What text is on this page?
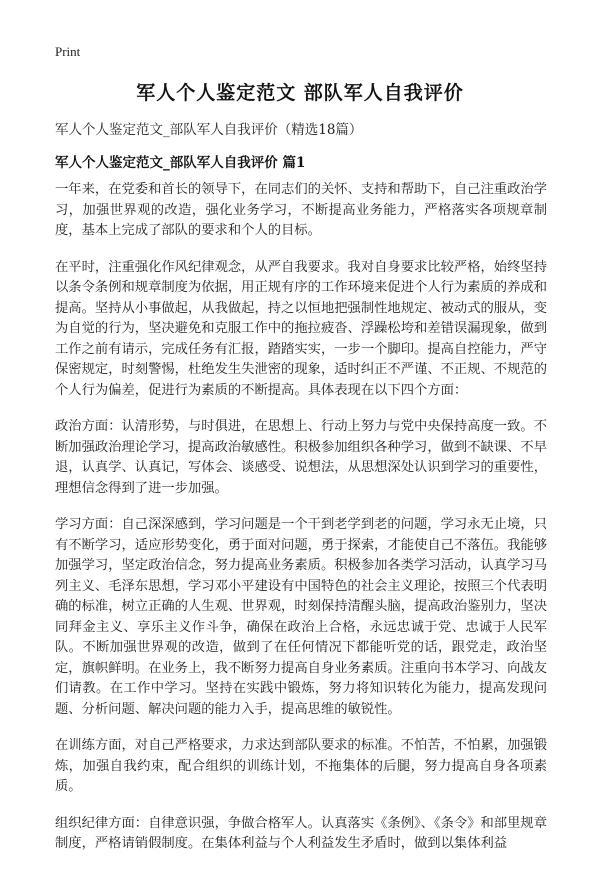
Print
军人个人鉴定范文 部队军人自我评价
军人个人鉴定范文_部队军人自我评价（精选18篇）
军人个人鉴定范文_部队军人自我评价 篇1

一年来，在党委和首长的领导下，在同志们的关怀、支持和帮助下，自己注重政治学习，加强世界观的改造，强化业务学习，不断提高业务能力，严格落实各项规章制度，基本上完成了部队的要求和个人的目标。

在平时，注重强化作风纪律观念，从严自我要求。我对自身要求比较严格，始终坚持以条令条例和规章制度为依据，用正规有序的工作环境来促进个人行为素质的养成和提高。坚持从小事做起，从我做起，持之以恒地把强制性地规定、被动式的服从，变为自觉的行为，坚决避免和克服工作中的拖拉疲沓、浮躁松垮和差错误漏现象，做到工作之前有请示，完成任务有汇报，踏踏实实，一步一个脚印。提高自控能力，严守保密规定，时刻警惕，杜绝发生失泄密的现象，适时纠正不严谨、不正规、不规范的个人行为偏差，促进行为素质的不断提高。具体表现在以下四个方面：

政治方面：认清形势，与时俱进，在思想上、行动上努力与党中央保持高度一致。不断加强政治理论学习，提高政治敏感性。积极参加组织各种学习，做到不缺课、不早退，认真学、认真记，写体会、谈感受、说想法，从思想深处认识到学习的重要性，理想信念得到了进一步加强。

学习方面：自己深深感到，学习问题是一个干到老学到老的问题，学习永无止境，只有不断学习，适应形势变化，勇于面对问题，勇于探索，才能使自己不落伍。我能够加强学习，坚定政治信念，努力提高业务素质。积极参加各类学习活动，认真学习马列主义、毛泽东思想，学习邓小平建设有中国特色的社会主义理论，按照三个代表明确的标准，树立正确的人生观、世界观，时刻保持清醒头脑，提高政治鉴别力，坚决同拜金主义、享乐主义作斗争，确保在政治上合格，永远忠诚于党、忠诚于人民军队。不断加强世界观的改造，做到了在任何情况下都能听党的话，跟党走，政治坚定，旗帜鲜明。在业务上，我不断努力提高自身业务素质。注重向书本学习、向战友们请教。在工作中学习。坚持在实践中锻炼，努力将知识转化为能力，提高发现问题、分析问题、解决问题的能力入手，提高思维的敏锐性。

在训练方面，对自己严格要求，力求达到部队要求的标准。不怕苦，不怕累，加强锻炼，加强自我约束，配合组织的训练计划，不拖集体的后腿，努力提高自身各项素质。

组织纪律方面：自律意识强，争做合格军人。认真落实《条例》、《条令》和部里规章制度，严格请销假制度。在集体利益与个人利益发生矛盾时，做到以集体利益
